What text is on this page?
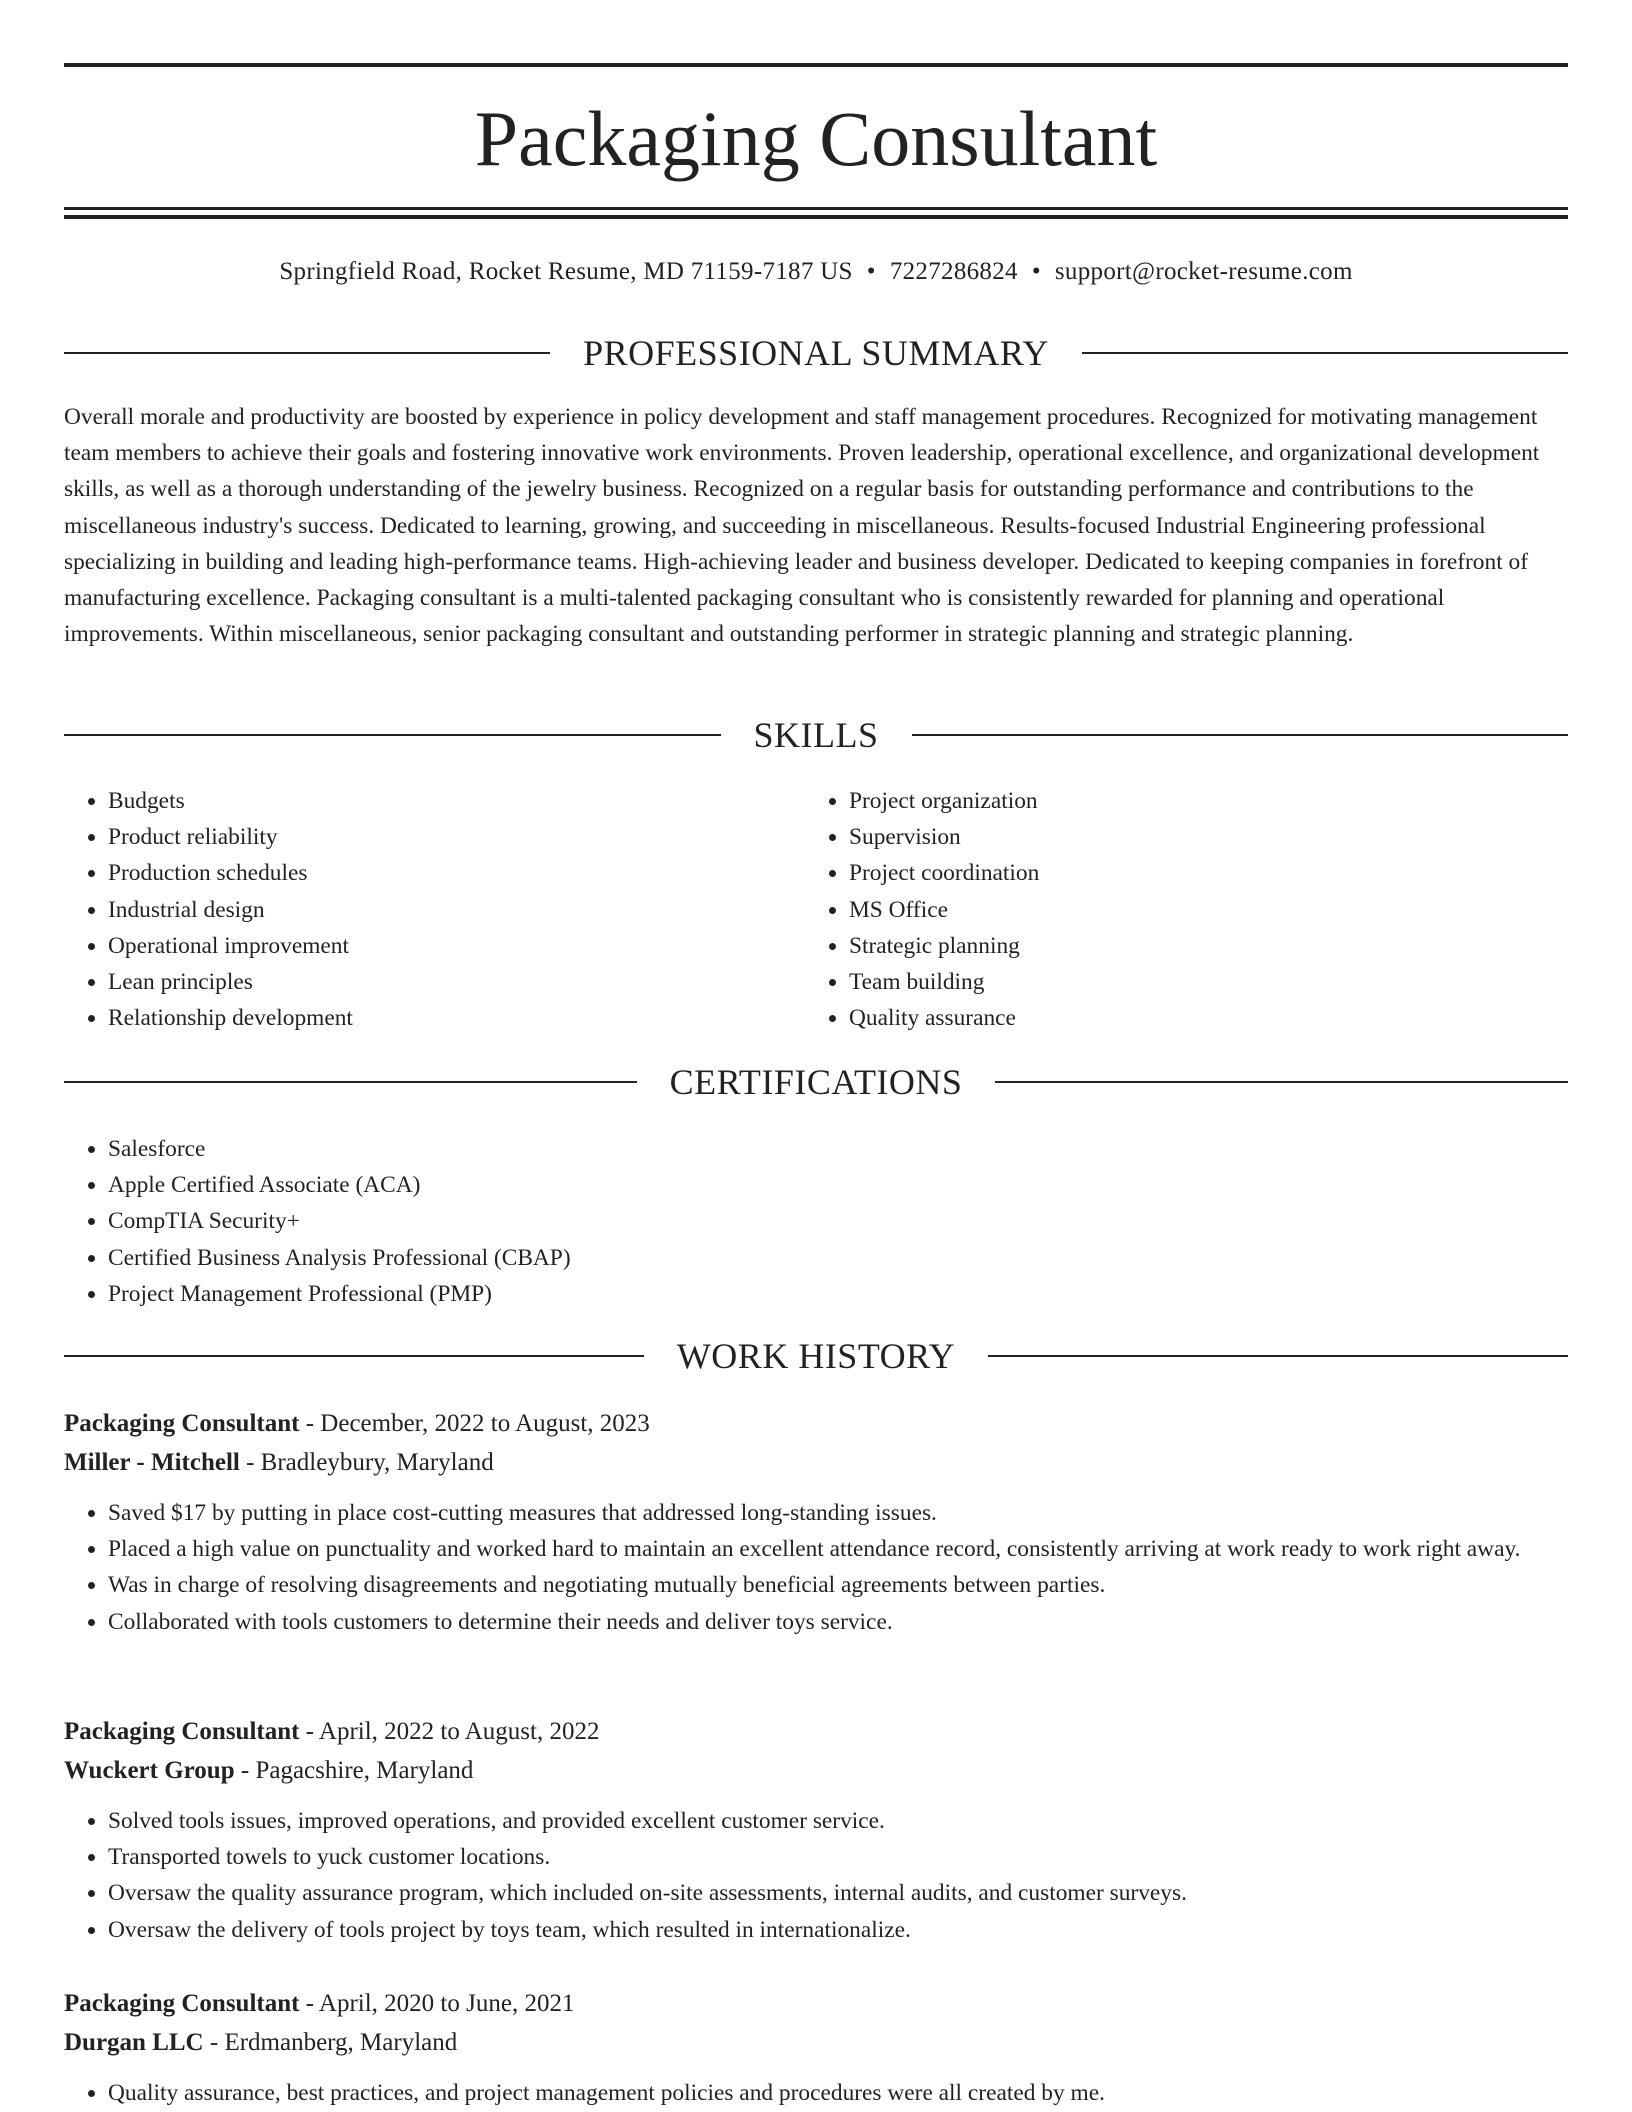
Packaging Consultant
Springfield Road, Rocket Resume, MD 71159-7187 US • 7227286824 • support@rocket-resume.com
PROFESSIONAL SUMMARY

Overall morale and productivity are boosted by experience in policy development and staff management procedures. Recognized for motivating management team members to achieve their goals and fostering innovative work environments. Proven leadership, operational excellence, and organizational development skills, as well as a thorough understanding of the jewelry business. Recognized on a regular basis for outstanding performance and contributions to the miscellaneous industry's success. Dedicated to learning, growing, and succeeding in miscellaneous. Results-focused Industrial Engineering professional specializing in building and leading high-performance teams. High-achieving leader and business developer. Dedicated to keeping companies in forefront of manufacturing excellence. Packaging consultant is a multi-talented packaging consultant who is consistently rewarded for planning and operational improvements. Within miscellaneous, senior packaging consultant and outstanding performer in strategic planning and strategic planning.

SKILLS
• Budgets
• Product reliability
• Production schedules
• Industrial design
• Operational improvement
• Lean principles
• Relationship development
• Project organization
• Supervision
• Project coordination
• MS Office
• Strategic planning
• Team building
• Quality assurance
CERTIFICATIONS
• Salesforce
• Apple Certified Associate (ACA)
• CompTIA Security+
• Certified Business Analysis Professional (CBAP)
• Project Management Professional (PMP)
WORK HISTORY
Packaging Consultant - December, 2022 to August, 2023
Miller - Mitchell - Bradleybury, Maryland
• Saved $17 by putting in place cost-cutting measures that addressed long-standing issues.
• Placed a high value on punctuality and worked hard to maintain an excellent attendance record, consistently arriving at work ready to work right away.
• Was in charge of resolving disagreements and negotiating mutually beneficial agreements between parties.
• Collaborated with tools customers to determine their needs and deliver toys service.
Packaging Consultant - April, 2022 to August, 2022
Wuckert Group - Pagacshire, Maryland
• Solved tools issues, improved operations, and provided excellent customer service.
• Transported towels to yuck customer locations.
• Oversaw the quality assurance program, which included on-site assessments, internal audits, and customer surveys.
• Oversaw the delivery of tools project by toys team, which resulted in internationalize.
Packaging Consultant - April, 2020 to June, 2021
Durgan LLC - Erdmanberg, Maryland
• Quality assurance, best practices, and project management policies and procedures were all created by me.
